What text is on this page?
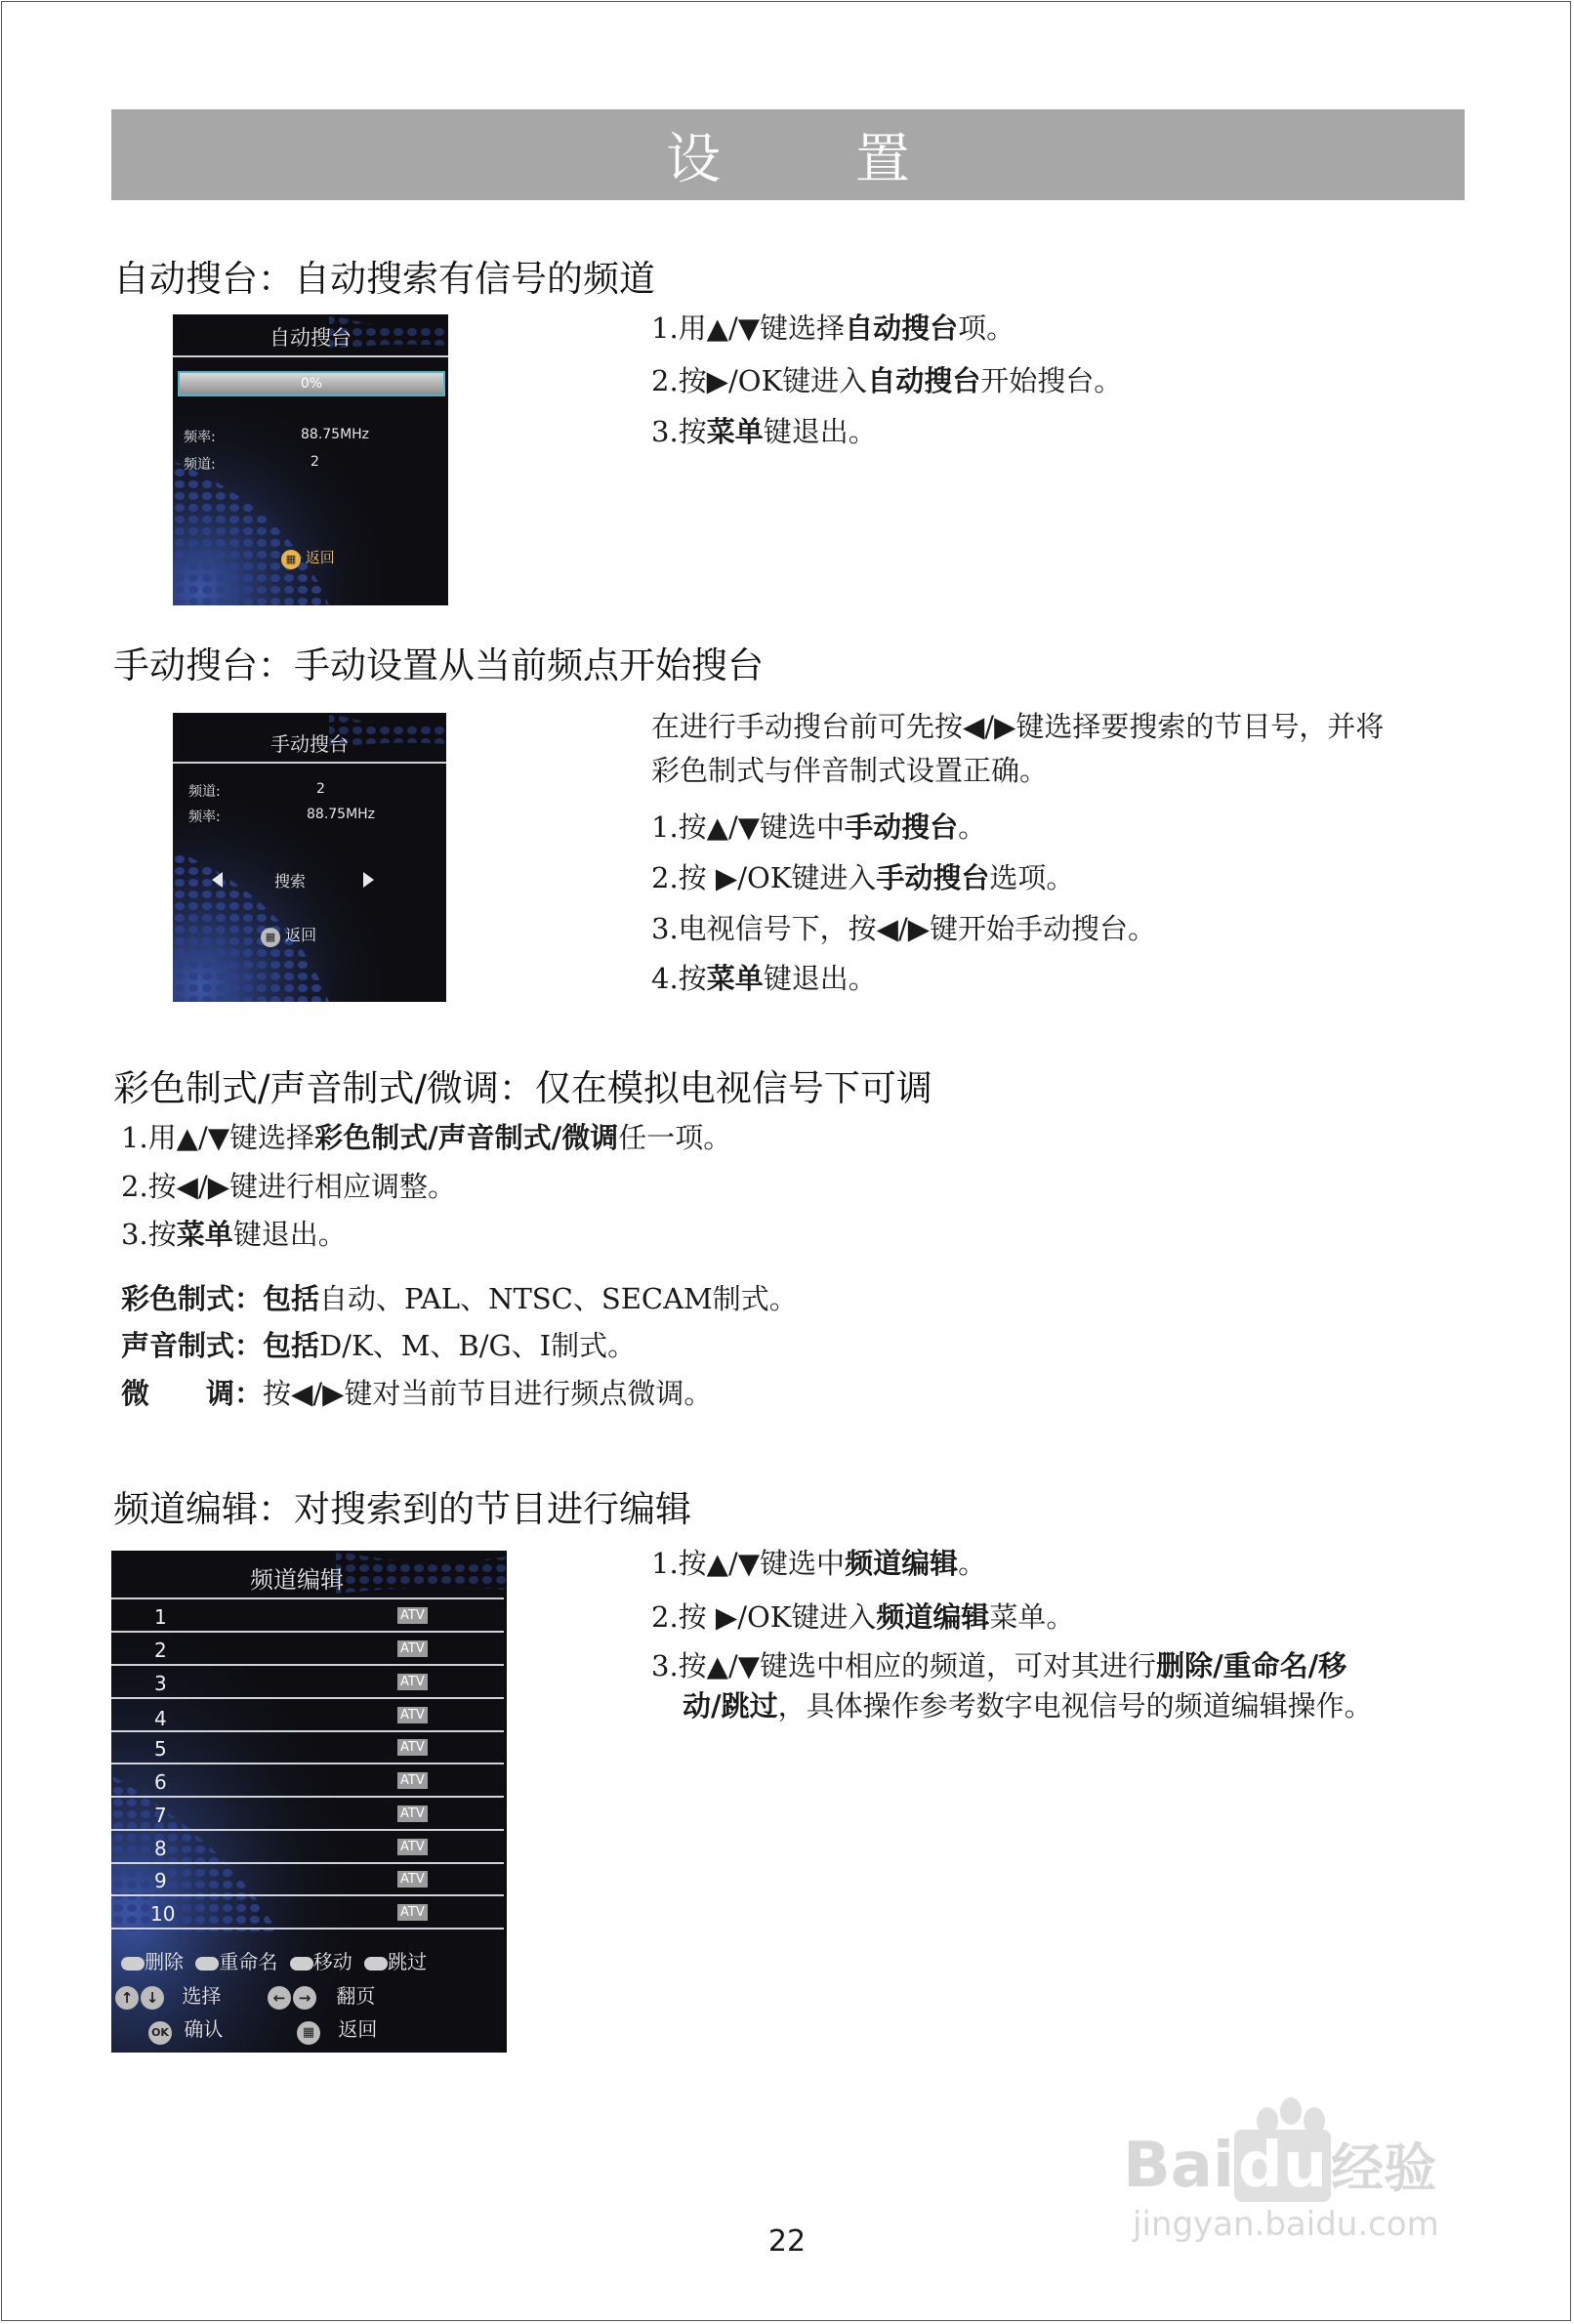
设 置
自动搜台：自动搜索有信号的频道
自动搜台
0%
频率:	88.75MHz
频道:	2
▦ 返回
1.用▲/▼键选择自动搜台项。
2.按▶/OK键进入自动搜台开始搜台。
3.按菜单键退出。
手动搜台：手动设置从当前频点开始搜台
手动搜台
频道:	2
频率:	88.75MHz
搜索
▦ 返回
在进行手动搜台前可先按◀/▶键选择要搜索的节目号，并将
彩色制式与伴音制式设置正确。
1.按▲/▼键选中手动搜台。
2.按 ▶/OK键进入手动搜台选项。
3.电视信号下，按◀/▶键开始手动搜台。
4.按菜单键退出。
彩色制式/声音制式/微调：仅在模拟电视信号下可调
1.用▲/▼键选择彩色制式/声音制式/微调任一项。
2.按◀/▶键进行相应调整。
3.按菜单键退出。
彩色制式：包括自动、PAL、NTSC、SECAM制式。
声音制式：包括D/K、M、B/G、I制式。
微　　调：按◀/▶键对当前节目进行频点微调。
频道编辑：对搜索到的节目进行编辑
频道编辑
1	ATV
2	ATV
3	ATV
4	ATV
5	ATV
6	ATV
7	ATV
8	ATV
9	ATV
10	ATV
删除 重命名 移动 跳过
↑ ↓ 选择	← → 翻页
OK 确认	▦ 返回
1.按▲/▼键选中频道编辑。
2.按 ▶/OK键进入频道编辑菜单。
3.按▲/▼键选中相应的频道，可对其进行删除/重命名/移
动/跳过，具体操作参考数字电视信号的频道编辑操作。
22
Baidu经验
jingyan.baidu.com
